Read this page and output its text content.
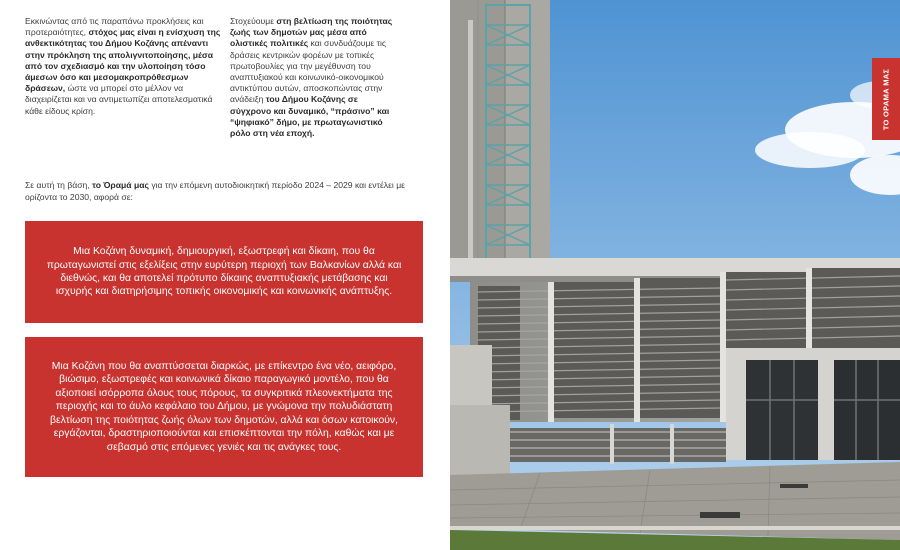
Εκκινώντας από τις παραπάνω προκλήσεις και προτεραιότητες, στόχος μας είναι η ενίσχυση της ανθεκτικότητας του Δήμου Κοζάνης απέναντι στην πρόκληση της απολιγνιτοποίησης, μέσα από τον σχεδιασμό και την υλοποίηση τόσο άμεσων όσο και μεσομακροπρόθεσμων δράσεων, ώστε να μπορεί στο μέλλον να διαχειρίζεται και να αντιμετωπίζει αποτελεσματικά κάθε είδους κρίση.
Στοχεύουμε στη βελτίωση της ποιότητας ζωής των δημοτών μας μέσα από ολιστικές πολιτικές και συνδυάζουμε τις δράσεις κεντρικών φορέων με τοπικές πρωτοβουλίες για την μεγέθυνση του αναπτυξιακού και κοινωνικό-οικονομικού αντικτύπου αυτών, αποσκοπώντας στην ανάδειξη του Δήμου Κοζάνης σε σύγχρονο και δυναμικό, “πράσινο” και “ψηφιακό” δήμο, με πρωταγωνιστικό ρόλο στη νέα εποχή.
Σε αυτή τη βάση, το Όραμά μας για την επόμενη αυτοδιοικητική περίοδο 2024 – 2029 και εντέλει με ορίζοντα το 2030, αφορά σε:

Μια Κοζάνη δυναμική, δημιουργική, εξωστρεφή και δίκαιη, που θα πρωταγωνιστεί στις εξελίξεις στην ευρύτερη περιοχή των Βαλκανίων αλλά και διεθνώς, και θα αποτελεί πρότυπο δίκαιης αναπτυξιακής μετάβασης και ισχυρής και διατηρήσιμης τοπικής οικονομικής και κοινωνικής ανάπτυξης.

Μια Κοζάνη που θα αναπτύσσεται διαρκώς, με επίκεντρο ένα νέο, αειφόρο, βιώσιμο, εξωστρεφές και κοινωνικά δίκαιο παραγωγικό μοντέλο, που θα αξιοποιεί ισόρροπα όλους τους πόρους, τα συγκριτικά πλεονεκτήματα της περιοχής και το άυλο κεφάλαιο του Δήμου, με γνώμονα την πολυδιάστατη βελτίωση της ποιότητας ζωής όλων των δημοτών, αλλά και όσων κατοικούν, εργάζονται, δραστηριοποιούνται και επισκέπτονται την πόλη, καθώς και με σεβασμό στις επόμενες γενιές και τις ανάγκες τους.

ΤΟ ΟΡΑΜΑ ΜΑΣ
